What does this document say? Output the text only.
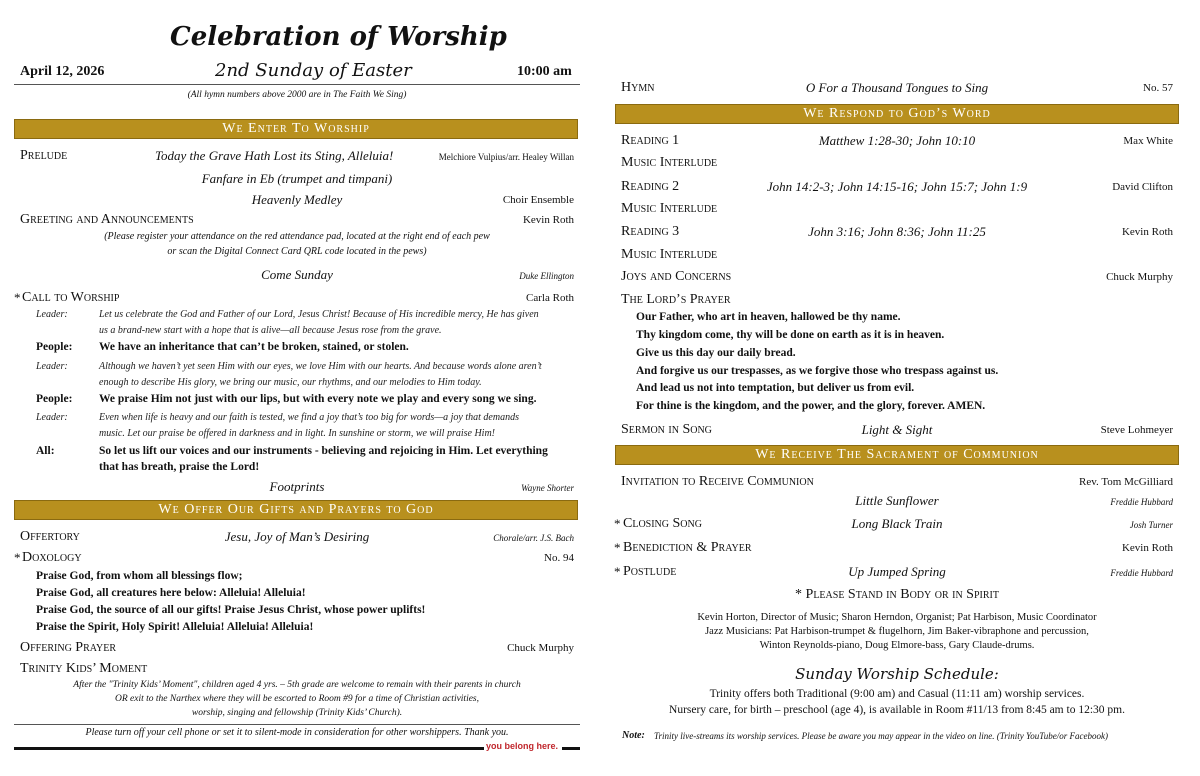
Celebration of Worship
April 12, 2026	2nd Sunday of Easter	10:00 am
(All hymn numbers above 2000 are in The Faith We Sing)
We Enter To Worship
Prelude	Today the Grave Hath Lost its Sting, Alleluia!	Melchiore Vulpius/arr. Healey Willan
Fanfare in Eb (trumpet and timpani)
Heavenly Medley	Choir Ensemble
Greeting and Announcements	Kevin Roth
(Please register your attendance on the red attendance pad, located at the right end of each pew
or scan the Digital Connect Card QRL code located in the pews)
Come Sunday	Duke Ellington
* Call to Worship	Carla Roth
Leader:	Let us celebrate the God and Father of our Lord, Jesus Christ! Because of His incredible mercy, He has given
us a brand-new start with a hope that is alive—all because Jesus rose from the grave.
People: We have an inheritance that can’t be broken, stained, or stolen.
Leader:	Although we haven’t yet seen Him with our eyes, we love Him with our hearts. And because words alone aren’t
enough to describe His glory, we bring our music, our rhythms, and our melodies to Him today.
People: We praise Him not just with our lips, but with every note we play and every song we sing.
Leader:	Even when life is heavy and our faith is tested, we find a joy that’s too big for words—a joy that demands
music. Let our praise be offered in darkness and in light. In sunshine or storm, we will praise Him!
All:	So let us lift our voices and our instruments - believing and rejoicing in Him. Let everything
that has breath, praise the Lord!
Footprints	Wayne Shorter
We Offer Our Gifts and Prayers to God
Offertory	Jesu, Joy of Man’s Desiring	Chorale/arr. J.S. Bach
* Doxology	No. 94
Praise God, from whom all blessings flow;
Praise God, all creatures here below: Alleluia! Alleluia!
Praise God, the source of all our gifts! Praise Jesus Christ, whose power uplifts!
Praise the Spirit, Holy Spirit! Alleluia! Alleluia! Alleluia!
Offering Prayer	Chuck Murphy
Trinity Kids’ Moment
After the "Trinity Kids’ Moment", children aged 4 yrs. – 5th grade are welcome to remain with their parents in church
OR exit to the Narthex where they will be escorted to Room #9 for a time of Christian activities,
worship, singing and fellowship (Trinity Kids’ Church).
Please turn off your cell phone or set it to silent-mode in consideration for other worshippers. Thank you.
you belong here.
Hymn	O For a Thousand Tongues to Sing	No. 57
We Respond to God’s Word
Reading 1	Matthew 1:28-30; John 10:10	Max White
Music Interlude
Reading 2	John 14:2-3; John 14:15-16; John 15:7; John 1:9	David Clifton
Music Interlude
Reading 3	John 3:16; John 8:36; John 11:25	Kevin Roth
Music Interlude
Joys and Concerns	Chuck Murphy
The Lord’s Prayer
Our Father, who art in heaven, hallowed be thy name.
Thy kingdom come, thy will be done on earth as it is in heaven.
Give us this day our daily bread.
And forgive us our trespasses, as we forgive those who trespass against us.
And lead us not into temptation, but deliver us from evil.
For thine is the kingdom, and the power, and the glory, forever. AMEN.
Sermon in Song	Light & Sight	Steve Lohmeyer
We Receive The Sacrament of Communion
Invitation to Receive Communion	Rev. Tom McGilliard
Little Sunflower	Freddie Hubbard
* Closing Song	Long Black Train	Josh Turner
* Benediction & Prayer	Kevin Roth
* Postlude	Up Jumped Spring	Freddie Hubbard
* Please Stand in Body or in Spirit
Kevin Horton, Director of Music; Sharon Herndon, Organist; Pat Harbison, Music Coordinator
Jazz Musicians: Pat Harbison-trumpet & flugelhorn, Jim Baker-vibraphone and percussion,
Winton Reynolds-piano, Doug Elmore-bass, Gary Claude-drums.
Sunday Worship Schedule:
Trinity offers both Traditional (9:00 am) and Casual (11:11 am) worship services.
Nursery care, for birth – preschool (age 4), is available in Room #11/13 from 8:45 am to 12:30 pm.
Note: Trinity live-streams its worship services. Please be aware you may appear in the video on line. (Trinity YouTube/or Facebook)
